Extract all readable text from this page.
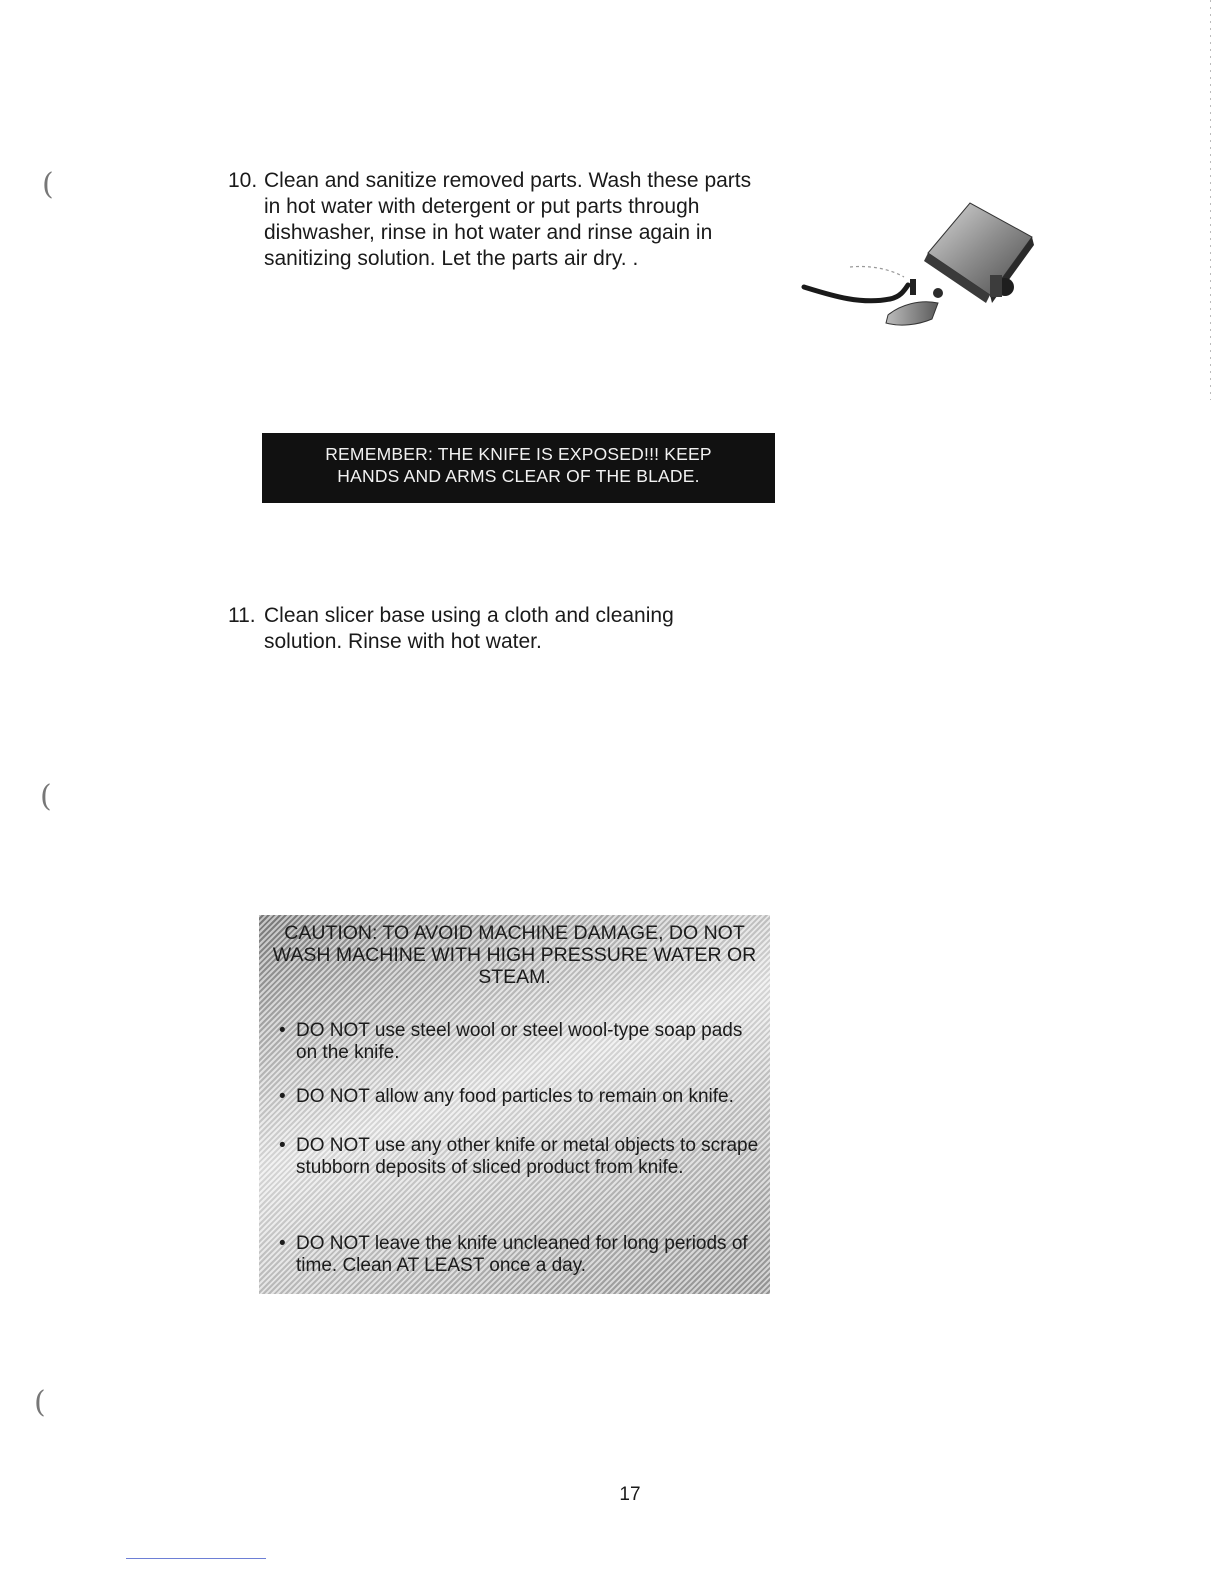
(
(
(
10. Clean and sanitize removed parts. Wash these parts in hot water with detergent or put parts through dishwasher, rinse in hot water and rinse again in sanitizing solution. Let the parts air dry. .
REMEMBER: THE KNIFE IS EXPOSED!!! KEEP
HANDS AND ARMS CLEAR OF THE BLADE.
11. Clean slicer base using a cloth and cleaning solution. Rinse with hot water.
CAUTION: TO AVOID MACHINE DAMAGE, DO NOT WASH MACHINE WITH HIGH PRESSURE WATER OR STEAM.
• DO NOT use steel wool or steel wool-type soap pads on the knife.
• DO NOT allow any food particles to remain on knife.
• DO NOT use any other knife or metal objects to scrape stubborn deposits of sliced product from knife.
• DO NOT leave the knife uncleaned for long periods of time. Clean AT LEAST once a day.
17
